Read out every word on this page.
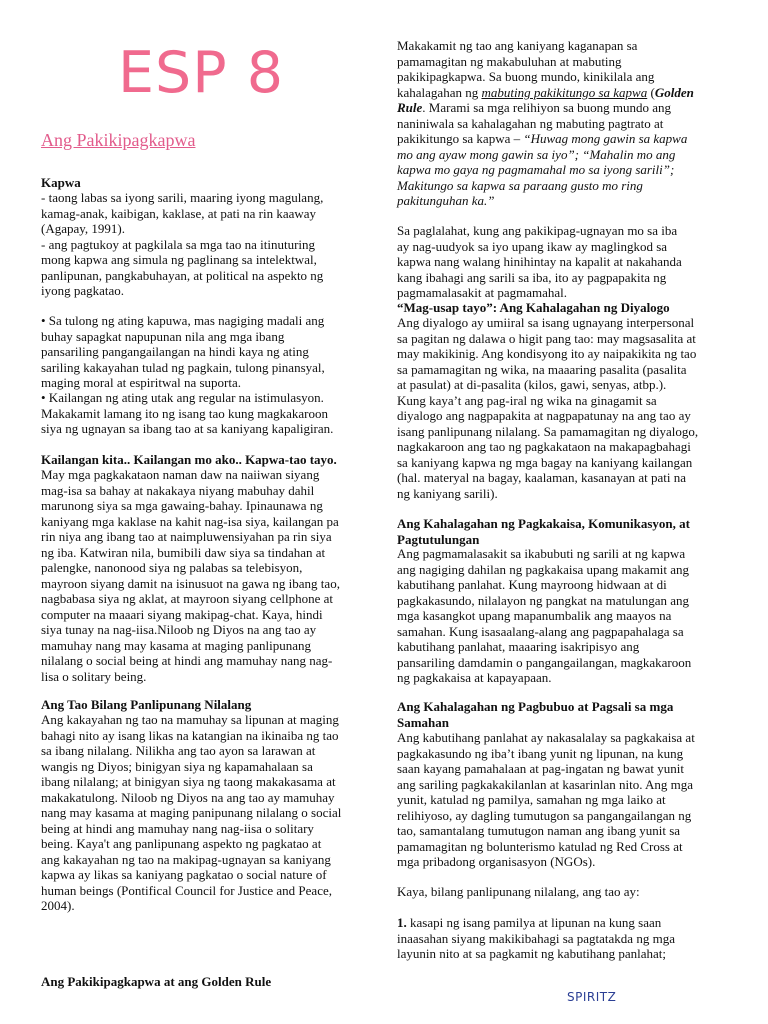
ESP 8
Ang Pakikipagkapwa

Kapwa

- taong labas sa iyong sarili, maaring iyong magulang,
kamag-anak, kaibigan, kaklase, at pati na rin kaaway
(Agapay, 1991).
- ang pagtukoy at pagkilala sa mga tao na itinuturing
mong kapwa ang simula ng paglinang sa intelektwal,
panlipunan, pangkabuhayan, at political na aspekto ng
iyong pagkatao.

• Sa tulong ng ating kapuwa, mas nagiging madali ang
buhay sapagkat napupunan nila ang mga ibang
pansariling pangangailangan na hindi kaya ng ating
sariling kakayahan tulad ng pagkain, tulong pinansyal,
maging moral at espiritwal na suporta.

• Kailangan ng ating utak ang regular na istimulasyon.
Makakamit lamang ito ng isang tao kung magkakaroon
siya ng ugnayan sa ibang tao at sa kaniyang kapaligiran.

Kailangan kita.. Kailangan mo ako.. Kapwa-tao tayo.

May mga pagkakataon naman daw na naiiwan siyang
mag-isa sa bahay at nakakaya niyang mabuhay dahil
marunong siya sa mga gawaing-bahay. Ipinaunawa ng
kaniyang mga kaklase na kahit nag-isa siya, kailangan pa
rin niya ang ibang tao at naimpluwensiyahan pa rin siya
ng iba. Katwiran nila, bumibili daw siya sa tindahan at
palengke, nanonood siya ng palabas sa telebisyon,
mayroon siyang damit na isinusuot na gawa ng ibang tao,
nagbabasa siya ng aklat, at mayroon siyang cellphone at
computer na maaari siyang makipag-chat. Kaya, hindi
siya tunay na nag-iisa.Niloob ng Diyos na ang tao ay
mamuhay nang may kasama at maging panlipunang
nilalang o social being at hindi ang mamuhay nang nag-
lisa o solitary being.

Ang Tao Bilang Panlipunang Nilalang

Ang kakayahan ng tao na mamuhay sa lipunan at maging
bahagi nito ay isang likas na katangian na ikinaiba ng tao
sa ibang nilalang. Nilikha ang tao ayon sa larawan at
wangis ng Diyos; binigyan siya ng kapamahalaan sa
ibang nilalang; at binigyan siya ng taong makakasama at
makakatulong. Niloob ng Diyos na ang tao ay mamuhay
nang may kasama at maging panipunang nilalang o social
being at hindi ang mamuhay nang nag-iisa o solitary
being. Kaya't ang panlipunang aspekto ng pagkatao at
ang kakayahan ng tao na makipag-ugnayan sa kaniyang
kapwa ay likas sa kaniyang pagkatao o social nature of
human beings (Pontifical Council for Justice and Peace,
2004).

Ang Pakikipagkapwa at ang Golden Rule

Makakamit ng tao ang kaniyang kaganapan sa
pamamagitan ng makabuluhan at mabuting
pakikipagkapwa. Sa buong mundo, kinikilala ang
kahalagahan ng mabuting pakikitungo sa kapwa (Golden
Rule. Marami sa mga relihiyon sa buong mundo ang
naniniwala sa kahalagahan ng mabuting pagtrato at
pakikitungo sa kapwa – “Huwag mong gawin sa kapwa
mo ang ayaw mong gawin sa iyo”; “Mahalin mo ang
kapwa mo gaya ng pagmamahal mo sa iyong sarili”;
Makitungo sa kapwa sa paraang gusto mo ring
pakitunguhan ka.”

Sa paglalahat, kung ang pakikipag-ugnayan mo sa iba
ay nag-uudyok sa iyo upang ikaw ay maglingkod sa
kapwa nang walang hinihintay na kapalit at nakahanda
kang ibahagi ang sarili sa iba, ito ay pagpapakita ng
pagmamalasakit at pagmamahal.

“Mag-usap tayo”: Ang Kahalagahan ng Diyalogo

Ang diyalogo ay umiiral sa isang ugnayang interpersonal
sa pagitan ng dalawa o higit pang tao: may magsasalita at
may makikinig. Ang kondisyong ito ay naipakikita ng tao
sa pamamagitan ng wika, na maaaring pasalita (pasalita
at pasulat) at di-pasalita (kilos, gawi, senyas, atbp.).
Kung kaya’t ang pag-iral ng wika na ginagamit sa
diyalogo ang nagpapakita at nagpapatunay na ang tao ay
isang panlipunang nilalang. Sa pamamagitan ng diyalogo,
nagkakaroon ang tao ng pagkakataon na makapagbahagi
sa kaniyang kapwa ng mga bagay na kaniyang kailangan
(hal. materyal na bagay, kaalaman, kasanayan at pati na
ng kaniyang sarili).

Ang Kahalagahan ng Pagkakaisa, Komunikasyon, at
Pagtutulungan

Ang pagmamalasakit sa ikabubuti ng sarili at ng kapwa
ang nagiging dahilan ng pagkakaisa upang makamit ang
kabutihang panlahat. Kung mayroong hidwaan at di
pagkakasundo, nilalayon ng pangkat na matulungan ang
mga kasangkot upang mapanumbalik ang maayos na
samahan. Kung isasaalang-alang ang pagpapahalaga sa
kabutihang panlahat, maaaring isakripisyo ang
pansariling damdamin o pangangailangan, magkakaroon
ng pagkakaisa at kapayapaan.

Ang Kahalagahan ng Pagbubuo at Pagsali sa mga
Samahan

Ang kabutihang panlahat ay nakasalalay sa pagkakaisa at
pagkakasundo ng iba’t ibang yunit ng lipunan, na kung
saan kayang pamahalaan at pag-ingatan ng bawat yunit
ang sariling pagkakakilanlan at kasarinlan nito. Ang mga
yunit, katulad ng pamilya, samahan ng mga laiko at
relihiyoso, ay dagling tumutugon sa pangangailangan ng
tao, samantalang tumutugon naman ang ibang yunit sa
pamamagitan ng bolunterismo katulad ng Red Cross at
mga pribadong organisasyon (NGOs).

Kaya, bilang panlipunang nilalang, ang tao ay:

1. kasapi ng isang pamilya at lipunan na kung saan
inaasahan siyang makikibahagi sa pagtatakda ng mga
layunin nito at sa pagkamit ng kabutihang panlahat;

SPIRITZ
